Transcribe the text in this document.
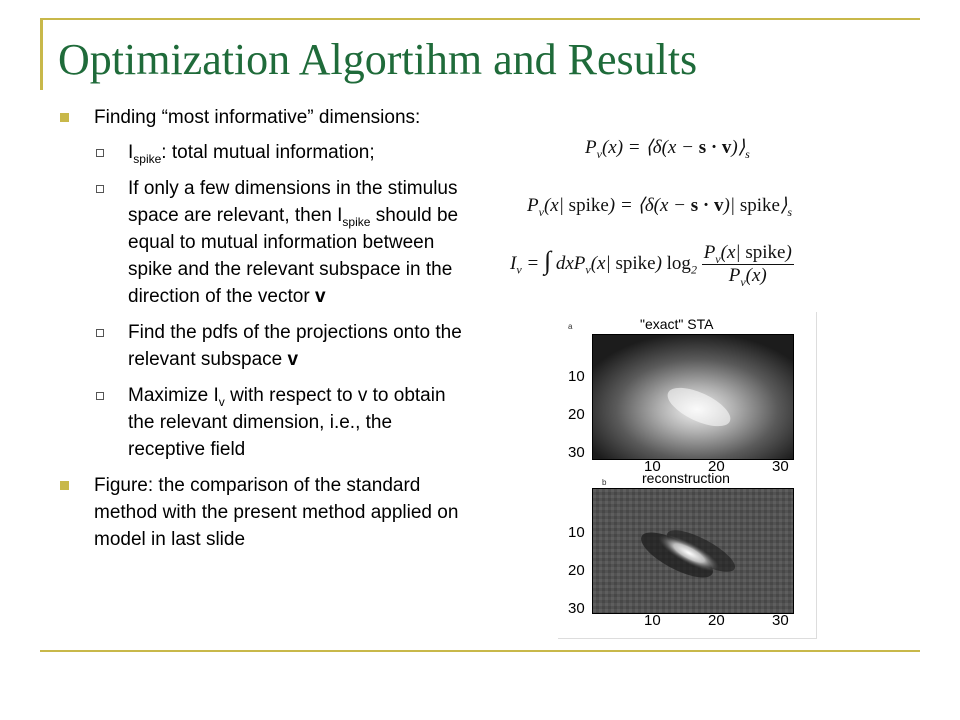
Optimization Algortihm and Results
Finding “most informative” dimensions:
$I_{spike}$: total mutual information;
If only a few dimensions in the stimulus space are relevant, then $I_{spike}$ should be equal to mutual information between spike and the relevant subspace in the direction of the vector v
Find the pdfs of the projections onto the relevant subspace v
Maximize $I_v$ with respect to v to obtain the relevant dimension, i.e., the receptive field
Figure: the comparison of the standard method with the present method applied on model in last slide
$P_v(x)$ = ⟨δ(x − $s \cdot v)⟩_s$
$P_v(x|$ spike) = ⟨δ(x − s · v)| $spike⟩_s$
$I_v$ = ∫ dxP$_v$(x| spike) $\log_2 \frac{P_v(x| spike)}{P_v(x)}$
a	"exact" STA
10
20
30
10	20	30
b	reconstruction
10
20
30
10	20	30
